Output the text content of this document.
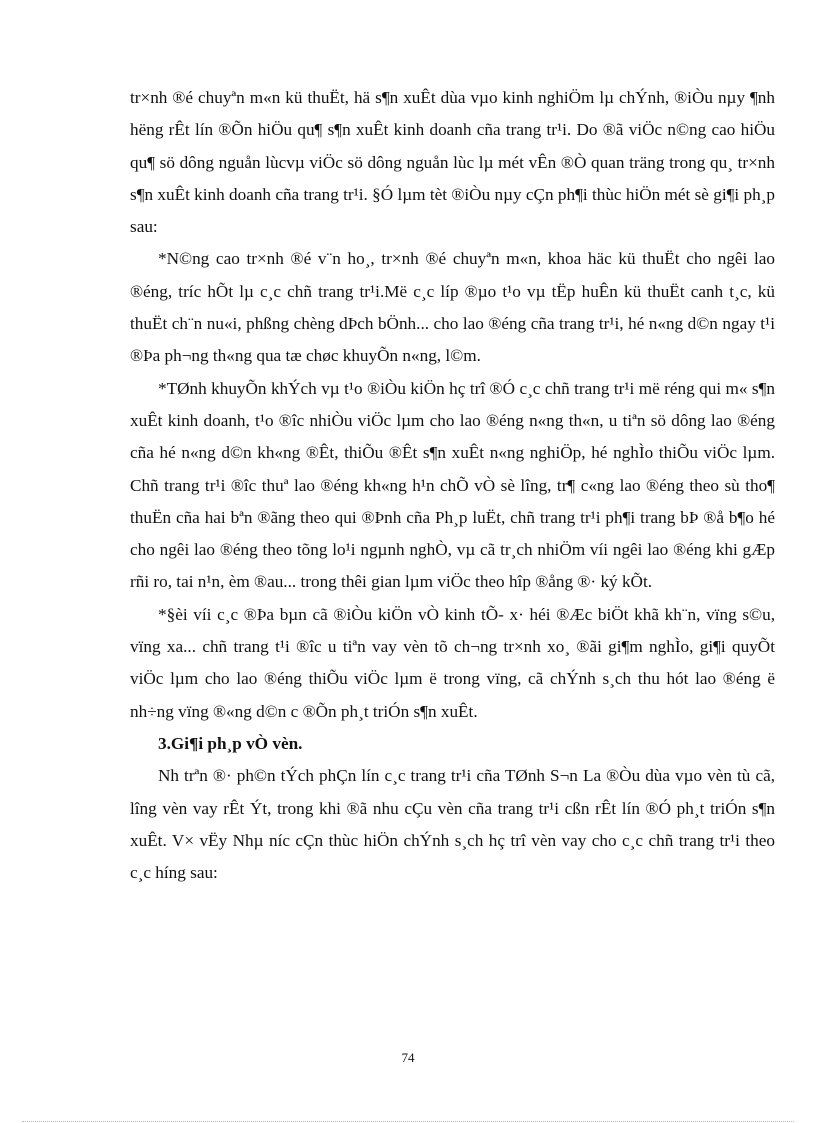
tr×nh ®é chuyªn m«n kü thuËt, hä s¶n xuÊt dùa vµo kinh nghiÖm lµ chÝnh, ®iÒu nµy ¶nh hëng rÊt lín ®Õn hiÖu qu¶ s¶n xuÊt kinh doanh cña trang tr¹i. Do ®ã viÖc n©ng cao hiÖu qu¶ sö dông nguån lùcvµ viÖc sö dông nguån lùc lµ mét vÊn ®Ò quan träng trong qu¸ tr×nh s¶n xuÊt kinh doanh cña trang tr¹i. §Ó lµm tèt ®iÒu nµy cÇn ph¶i thùc hiÖn mét sè gi¶i ph¸p sau:

*N©ng cao tr×nh ®é v¨n ho¸, tr×nh ®é chuyªn m«n, khoa häc kü thuËt cho ngêi lao ®éng, tríc hÕt lµ c¸c chñ trang tr¹i.Më c¸c líp ®µo t¹o vµ tËp huÊn kü thuËt canh t¸c, kü thuËt ch¨n nu«i, phßng chèng dÞch bÖnh... cho lao ®éng cña trang tr¹i, hé n«ng d©n ngay t¹i ®Þa ph¬ng th«ng qua tæ chøc khuyÕn n«ng, l©m.

*TØnh khuyÕn khÝch vµ t¹o ®iÒu kiÖn hç trî ®Ó c¸c chñ trang tr¹i më réng qui m« s¶n xuÊt kinh doanh, t¹o ®îc nhiÒu viÖc lµm cho lao ®éng n«ng th«n, u tiªn sö dông lao ®éng cña hé n«ng d©n kh«ng ®Êt, thiÕu ®Êt s¶n xuÊt n«ng nghiÖp, hé nghÌo thiÕu viÖc lµm. Chñ trang tr¹i ®îc thuª lao ®éng kh«ng h¹n chÕ vÒ sè lîng, tr¶ c«ng lao ®éng theo sù tho¶ thuËn cña hai bªn ®ãng theo qui ®Þnh cña Ph¸p luËt, chñ trang tr¹i ph¶i trang bÞ ®å b¶o hé cho ngêi lao ®éng theo tõng lo¹i ngµnh nghÒ, vµ cã tr¸ch nhiÖm víi ngêi lao ®éng khi gÆp rñi ro, tai n¹n, èm ®au... trong thêi gian lµm viÖc theo hîp ®ång ®· ký kÕt.

*§èi víi c¸c ®Þa bµn cã ®iÒu kiÖn vÒ kinh tÕ- x· héi ®Æc biÖt khã kh¨n, vïng s©u, vïng xa... chñ trang t¹i ®îc u tiªn vay vèn tõ ch¬ng tr×nh xo¸ ®ãi gi¶m nghÌo, gi¶i quyÕt viÖc lµm cho lao ®éng thiÕu viÖc lµm ë trong vïng, cã chÝnh s¸ch thu hót lao ®éng ë nh÷ng vïng ®«ng d©n c ®Õn ph¸t triÓn s¶n xuÊt.

3.Gi¶i ph¸p vÒ vèn.

Nh trªn ®· ph©n tÝch phÇn lín c¸c trang tr¹i cña TØnh S¬n La ®Òu dùa vµo vèn tù cã, lîng vèn vay rÊt Ýt, trong khi ®ã nhu cÇu vèn cña trang tr¹i cßn rÊt lín ®Ó ph¸t triÓn s¶n xuÊt. V× vËy Nhµ níc cÇn thùc hiÖn chÝnh s¸ch hç trî vèn vay cho c¸c chñ trang tr¹i theo c¸c híng sau:

74
